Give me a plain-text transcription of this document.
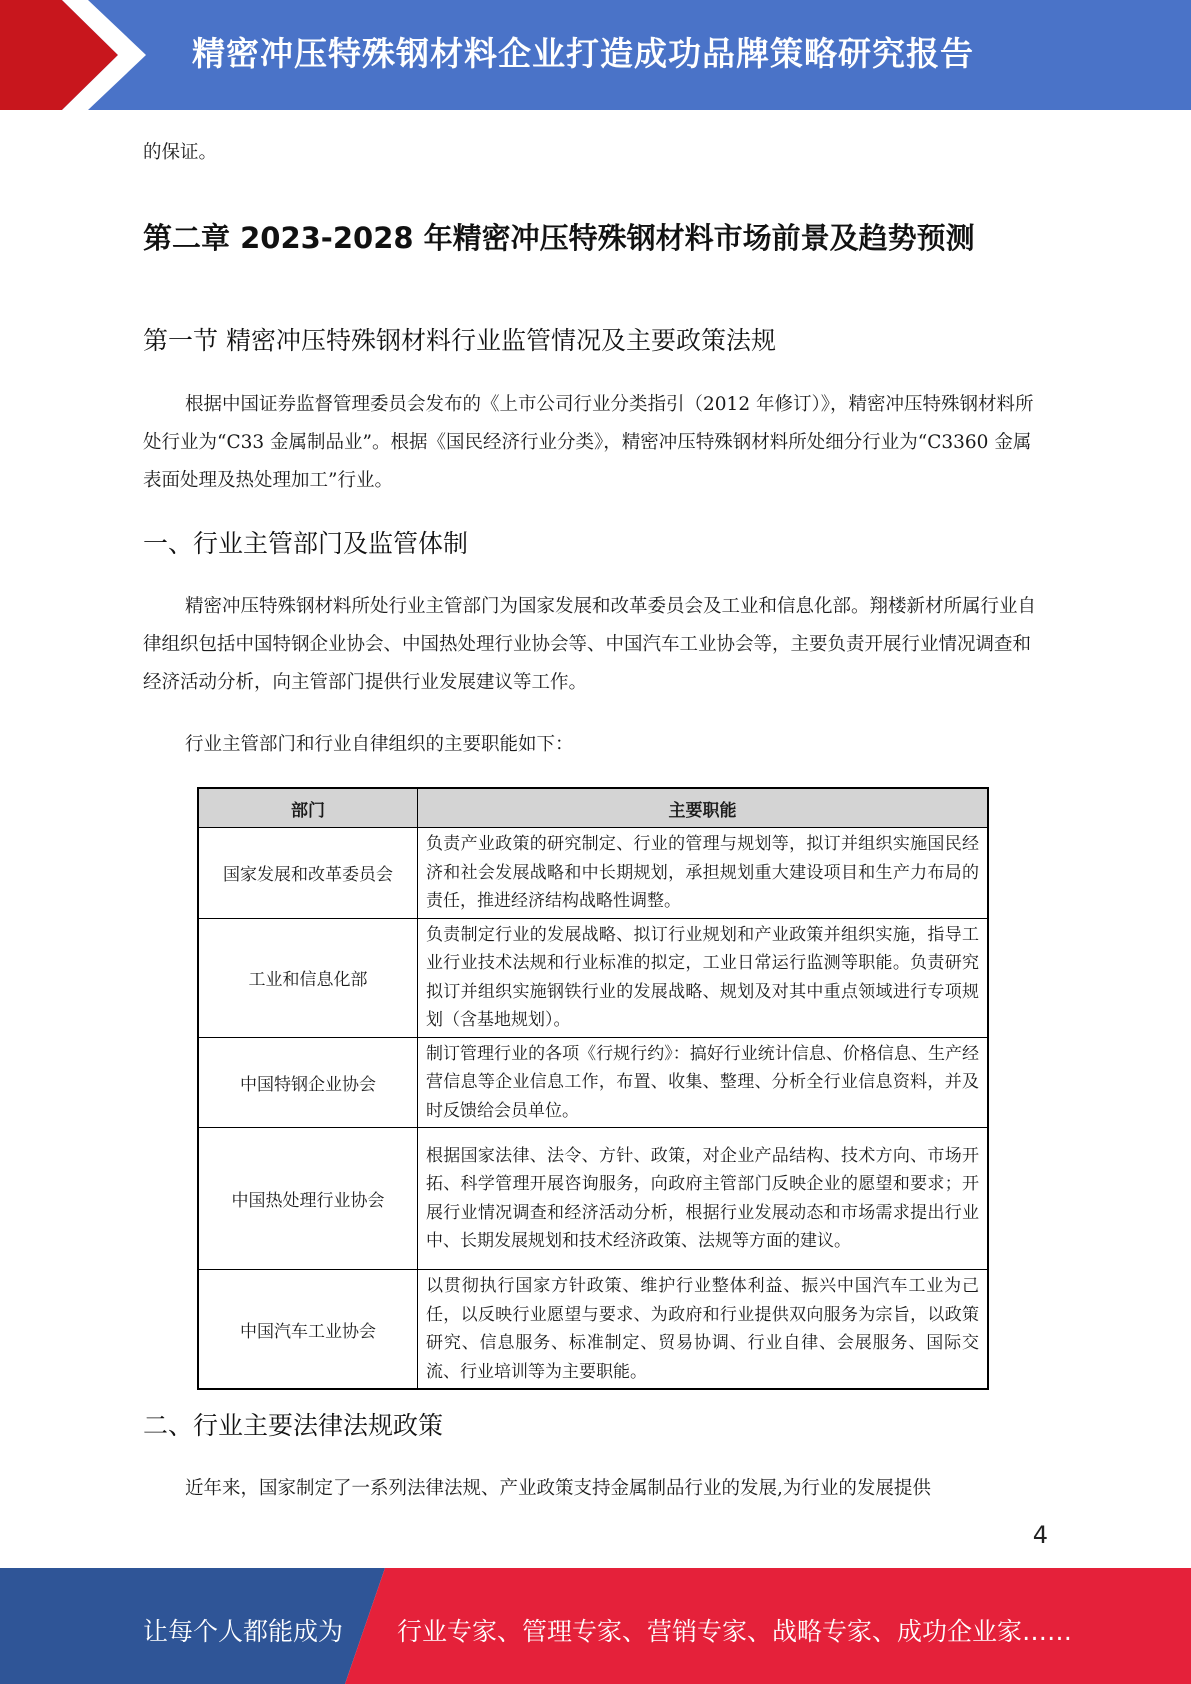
精密冲压特殊钢材料企业打造成功品牌策略研究报告

的保证。

第二章 2023-2028 年精密冲压特殊钢材料市场前景及趋势预测
第一节 精密冲压特殊钢材料行业监管情况及主要政策法规

根据中国证券监督管理委员会发布的《上市公司行业分类指引（2012 年修订）》，精密冲压特殊钢材料所处行业为“C33 金属制品业”。根据《国民经济行业分类》，精密冲压特殊钢材料所处细分行业为“C3360 金属表面处理及热处理加工”行业。

一、行业主管部门及监管体制

精密冲压特殊钢材料所处行业主管部门为国家发展和改革委员会及工业和信息化部。翔楼新材所属行业自律组织包括中国特钢企业协会、中国热处理行业协会等、中国汽车工业协会等，主要负责开展行业情况调查和经济活动分析，向主管部门提供行业发展建议等工作。

行业主管部门和行业自律组织的主要职能如下：

部门	主要职能
国家发展和改革委员会	负责产业政策的研究制定、行业的管理与规划等，拟订并组织实施国民经济和社会发展战略和中长期规划，承担规划重大建设项目和生产力布局的责任，推进经济结构战略性调整。
工业和信息化部	负责制定行业的发展战略、拟订行业规划和产业政策并组织实施，指导工业行业技术法规和行业标准的拟定，工业日常运行监测等职能。负责研究拟订并组织实施钢铁行业的发展战略、规划及对其中重点领域进行专项规划（含基地规划）。
中国特钢企业协会	制订管理行业的各项《行规行约》：搞好行业统计信息、价格信息、生产经营信息等企业信息工作，布置、收集、整理、分析全行业信息资料，并及时反馈给会员单位。
中国热处理行业协会	根据国家法律、法令、方针、政策，对企业产品结构、技术方向、市场开拓、科学管理开展咨询服务，向政府主管部门反映企业的愿望和要求；开展行业情况调查和经济活动分析，根据行业发展动态和市场需求提出行业中、长期发展规划和技术经济政策、法规等方面的建议。
中国汽车工业协会	以贯彻执行国家方针政策、维护行业整体利益、振兴中国汽车工业为己任，以反映行业愿望与要求、为政府和行业提供双向服务为宗旨，以政策研究、信息服务、标准制定、贸易协调、行业自律、会展服务、国际交流、行业培训等为主要职能。
二、行业主要法律法规政策

近年来，国家制定了一系列法律法规、产业政策支持金属制品行业的发展,为行业的发展提供

4
让每个人都能成为 行业专家、管理专家、营销专家、战略专家、成功企业家……
